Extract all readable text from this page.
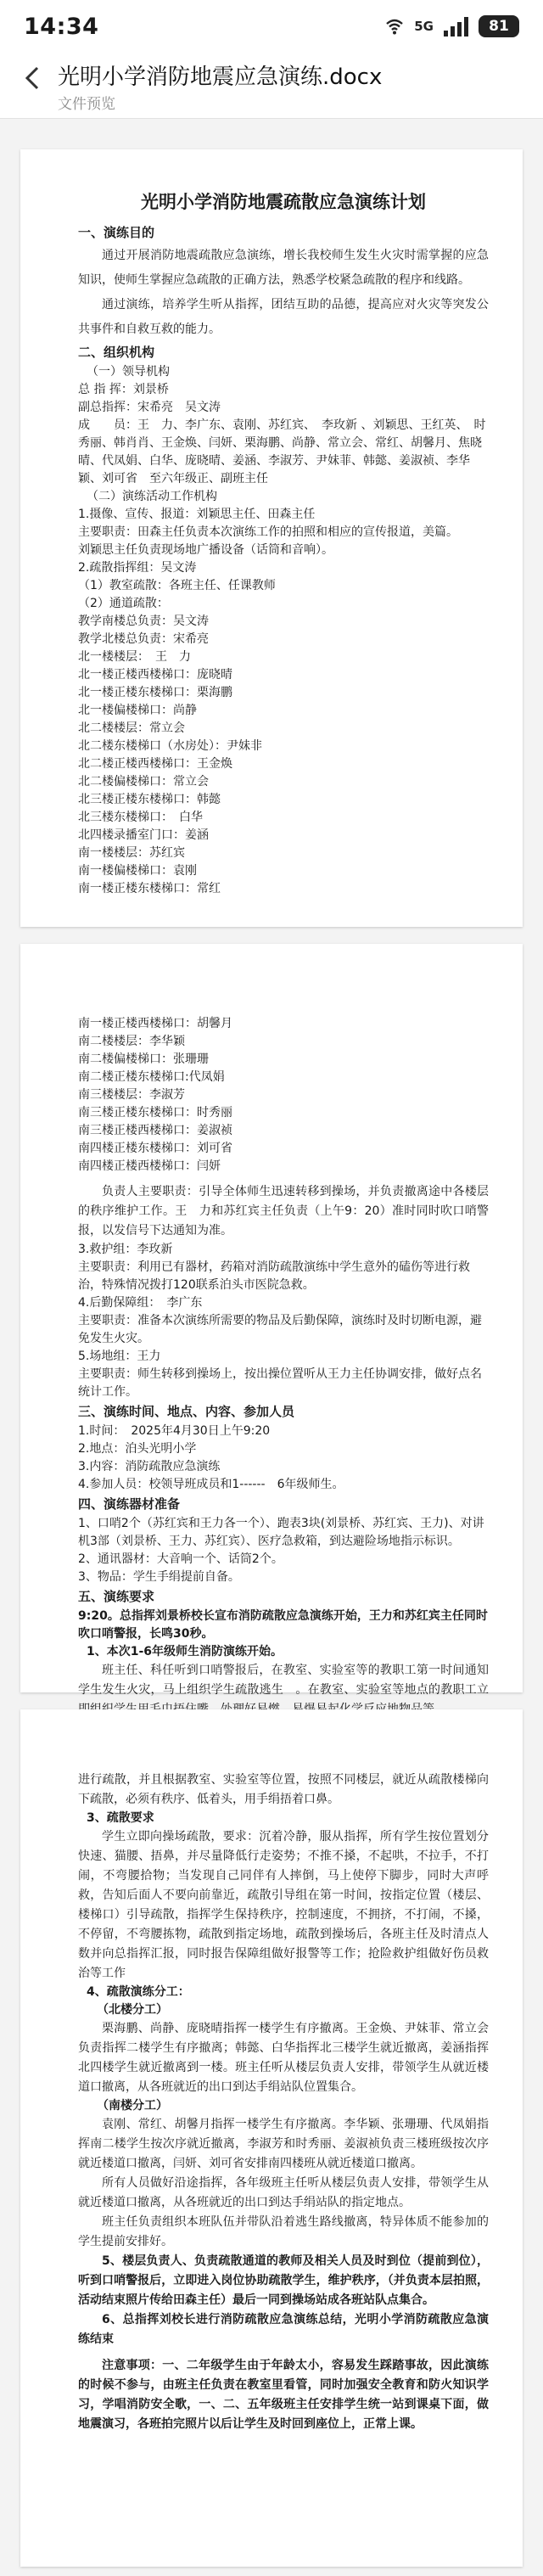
14:34	5G	81
光明小学消防地震应急演练.docx
文件预览
光明小学消防地震疏散应急演练计划
一、演练目的
通过开展消防地震疏散应急演练，增长我校师生发生火灾时需掌握的应急知识，使师生掌握应急疏散的正确方法，熟悉学校紧急疏散的程序和线路。
通过演练，培养学生听从指挥，团结互助的品德，提高应对火灾等突发公共事件和自救互救的能力。
二、组织机构
（一）领导机构
总 指 挥：刘景桥
副总指挥：宋希亮　吴文涛
成　　员：王　力、李广东、袁刚、苏红宾、　李玫新 、刘颖思、王红英、　时秀丽、韩肖肖、王金焕、闫妍、栗海鹏、尚静、常立会、常红、胡馨月、焦晓晴、代凤娟、白华、庞晓晴、姜涵、李淑芳、尹妹菲、韩懿、姜淑祯、李华颖、刘可省　至六年级正、副班主任
（二）演练活动工作机构
1.摄像、宣传、报道：刘颖思主任、田森主任
主要职责：田森主任负责本次演练工作的拍照和相应的宣传报道，美篇。
刘颖思主任负责现场地广播设备（话筒和音响）。
2.疏散指挥组：吴文涛
（1）教室疏散：各班主任、任课教师
（2）通道疏散：
教学南楼总负责：吴文涛
教学北楼总负责：宋希亮
北一楼楼层：　王　力
北一楼正楼西楼梯口：庞晓晴
北一楼正楼东楼梯口：栗海鹏
北一楼偏楼梯口：尚静
北二楼楼层：常立会
北二楼东楼梯口（水房处）：尹妹非
北二楼正楼西楼梯口：王金焕
北二楼偏楼梯口：常立会
北三楼正楼东楼梯口：韩懿
北三楼东楼梯口：　白华
北四楼录播室门口：姜涵
南一楼楼层：苏红宾
南一楼偏楼梯口：袁刚
南一楼正楼东楼梯口：常红
南一楼正楼西楼梯口：胡馨月
南二楼楼层：李华颖
南二楼偏楼梯口：张珊珊
南二楼正楼东楼梯口:代凤娟
南三楼楼层：李淑芳
南三楼正楼东楼梯口：时秀丽
南三楼正楼西楼梯口：姜淑祯
南四楼正楼东楼梯口：刘可省
南四楼正楼西楼梯口：闫妍
负责人主要职责：引导全体师生迅速转移到操场，并负责撤离途中各楼层的秩序维护工作。王　力和苏红宾主任负责（上午9：20）准时同时吹口哨警报，以发信号下达通知为准。
3.救护组：李玫新
主要职责：利用已有器材，药箱对消防疏散演练中学生意外的磕伤等进行救治，特殊情况拨打120联系泊头市医院急救。
4.后勤保障组：　李广东
主要职责：准备本次演练所需要的物品及后勤保障，演练时及时切断电源，避免发生火灾。
5.场地组：王力
主要职责：师生转移到操场上，按出操位置听从王力主任协调安排，做好点名统计工作。
三、演练时间、地点、内容、参加人员
1.时间：　2025年4月30日上午9:20
2.地点：泊头光明小学
3.内容：消防疏散应急演练
4.参加人员：校领导班成员和1------　6年级师生。
四、演练器材准备
1、口哨2个（苏红宾和王力各一个）、跑表3块(刘景桥、苏红宾、王力)、对讲机3部（刘景桥、王力、苏红宾）、医疗急救箱，到达避险场地指示标识。
2、通讯器材：大音响一个、话筒2个。
3、物品：学生手绢提前自备。
五、演练要求
9:20。总指挥刘景桥校长宣布消防疏散应急演练开始，王力和苏红宾主任同时吹口哨警报，长鸣30秒。
1、本次1-6年级师生消防演练开始。
班主任、科任听到口哨警报后，在教室、实验室等的教职工第一时间通知学生发生火灾，马上组织学生疏散逃生　。在教室、实验室等地点的教职工立
进行疏散，并且根据教室、实验室等位置，按照不同楼层，就近从疏散楼梯向下疏散，必须有秩序、低着头，用手绢捂着口鼻。
3、疏散要求
学生立即向操场疏散，要求：沉着冷静，服从指挥，所有学生按位置划分快速、猫腰、捂鼻，并尽量降低行走姿势；不推不搡，不起哄，不拉手，不打闹，不弯腰拾物；当发现自己同伴有人摔倒，马上使停下脚步，同时大声呼救，告知后面人不要向前靠近，疏散引导组在第一时间，按指定位置（楼层、楼梯口）引导疏散，指挥学生保持秩序，控制速度，不拥挤，不打闹，不搡，不停留，不弯腰拣物，疏散到指定场地，疏散到操场后，各班主任及时清点人数并向总指挥汇报，同时报告保障组做好报警等工作；抢险救护组做好伤员救治等工作
4、疏散演练分工：
（北楼分工）
栗海鹏、尚静、庞晓晴指挥一楼学生有序撤离。王金焕、尹妹菲、常立会负责指挥二楼学生有序撤离；韩懿、白华指挥北三楼学生就近撤离，姜涵指挥北四楼学生就近撤离到一楼。班主任听从楼层负责人安排，带领学生从就近楼道口撤离，从各班就近的出口到达手绢站队位置集合。
（南楼分工）
袁刚、常红、胡馨月指挥一楼学生有序撤离。李华颖、张珊珊、代凤娟指挥南二楼学生按次序就近撤离，李淑芳和时秀丽、姜淑祯负责三楼班级按次序就近楼道口撤离，闫妍、刘可省安排南四楼班从就近楼道口撤离。
所有人员做好沿途指挥，各年级班主任听从楼层负责人安排，带领学生从就近楼道口撤离，从各班就近的出口到达手绢站队的指定地点。
班主任负责组织本班队伍并带队沿着逃生路线撤离，特异体质不能参加的学生提前安排好。
5、楼层负责人、负责疏散通道的教师及相关人员及时到位（提前到位），听到口哨警报后，立即进入岗位协助疏散学生，维护秩序，（并负责本层拍照，活动结束照片传给田森主任）最后一同到操场站成各班站队点集合。
6、总指挥刘校长进行消防疏散应急演练总结，光明小学消防疏散应急演练结束
注意事项：一、二年级学生由于年龄太小，容易发生踩踏事故，因此演练的时候不参与，由班主任负责在教室里看管，同时加强安全教育和防火知识学习，学唱消防安全歌，一、二、五年级班主任安排学生统一站到课桌下面，做地震演习，各班拍完照片以后让学生及时回到座位上，正常上课。
